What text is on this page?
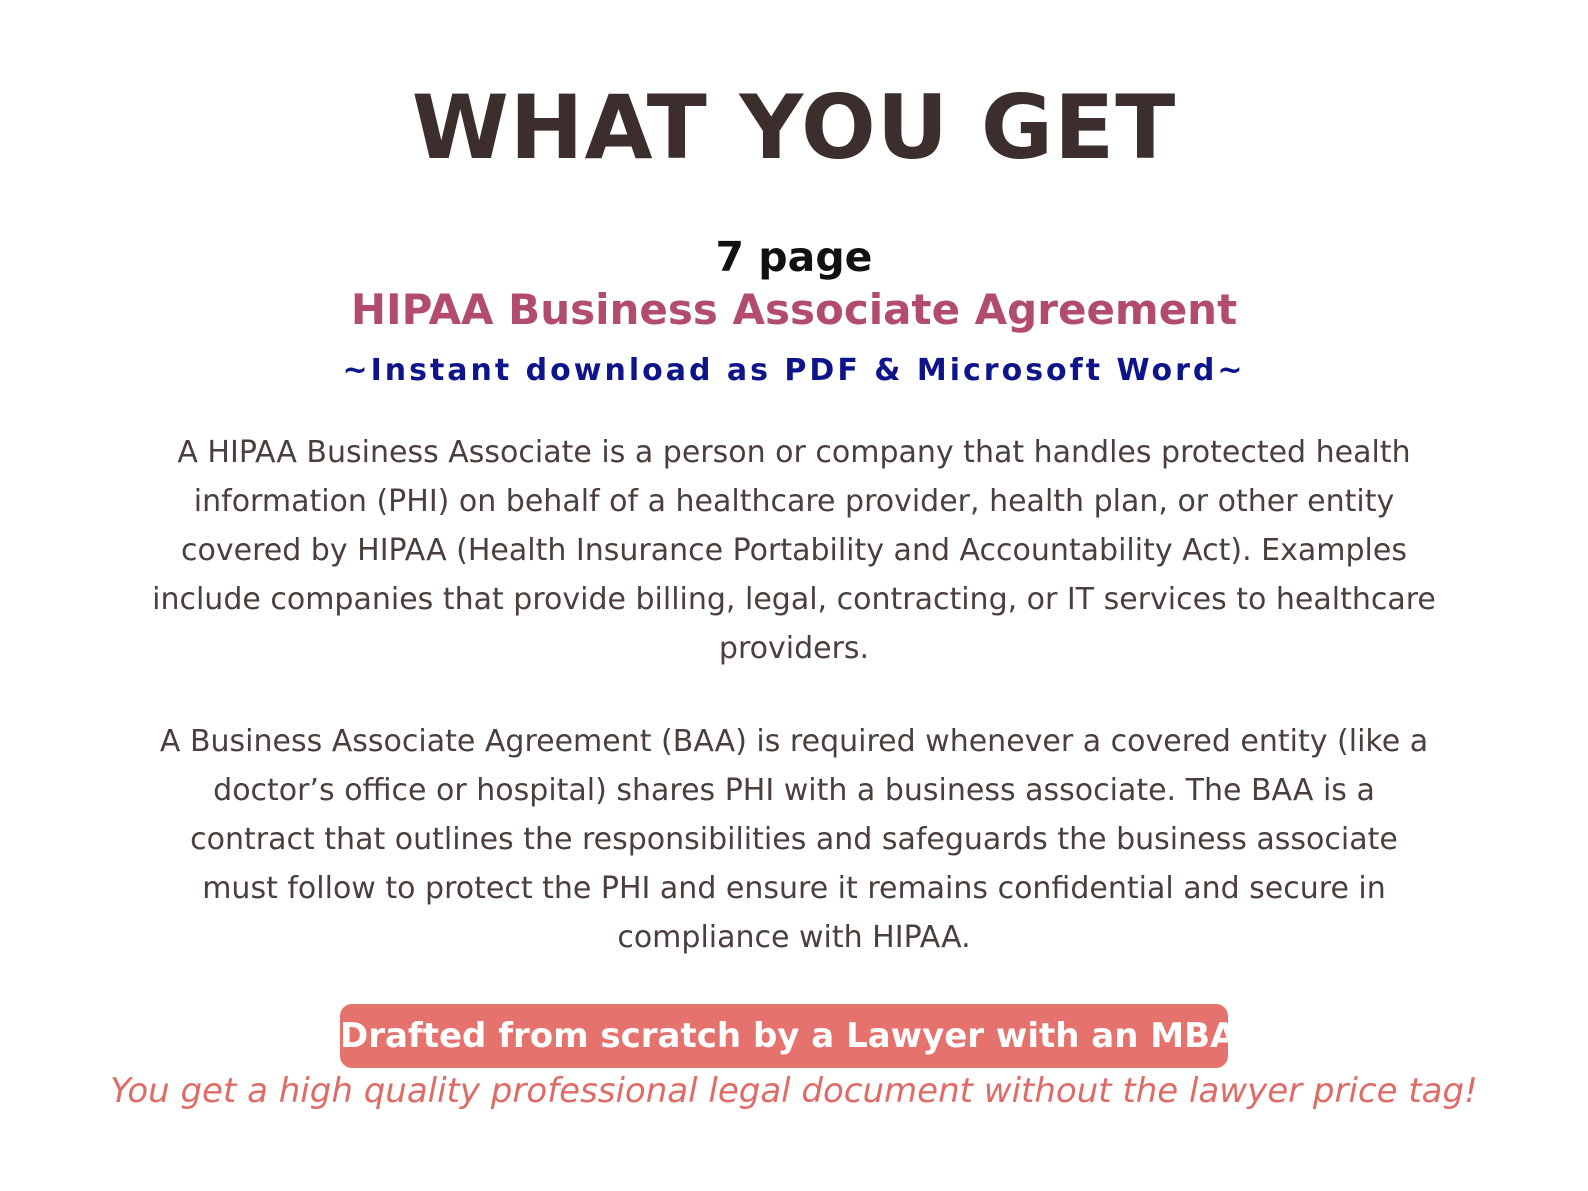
WHAT YOU GET
7 page
HIPAA Business Associate Agreement
~Instant download as PDF & Microsoft Word~

A HIPAA Business Associate is a person or company that handles protected health information (PHI) on behalf of a healthcare provider, health plan, or other entity covered by HIPAA (Health Insurance Portability and Accountability Act). Examples include companies that provide billing, legal, contracting, or IT services to healthcare providers.

A Business Associate Agreement (BAA) is required whenever a covered entity (like a doctor’s office or hospital) shares PHI with a business associate. The BAA is a contract that outlines the responsibilities and safeguards the business associate must follow to protect the PHI and ensure it remains confidential and secure in compliance with HIPAA.

Drafted from scratch by a Lawyer with an MBA.
You get a high quality professional legal document without the lawyer price tag!
